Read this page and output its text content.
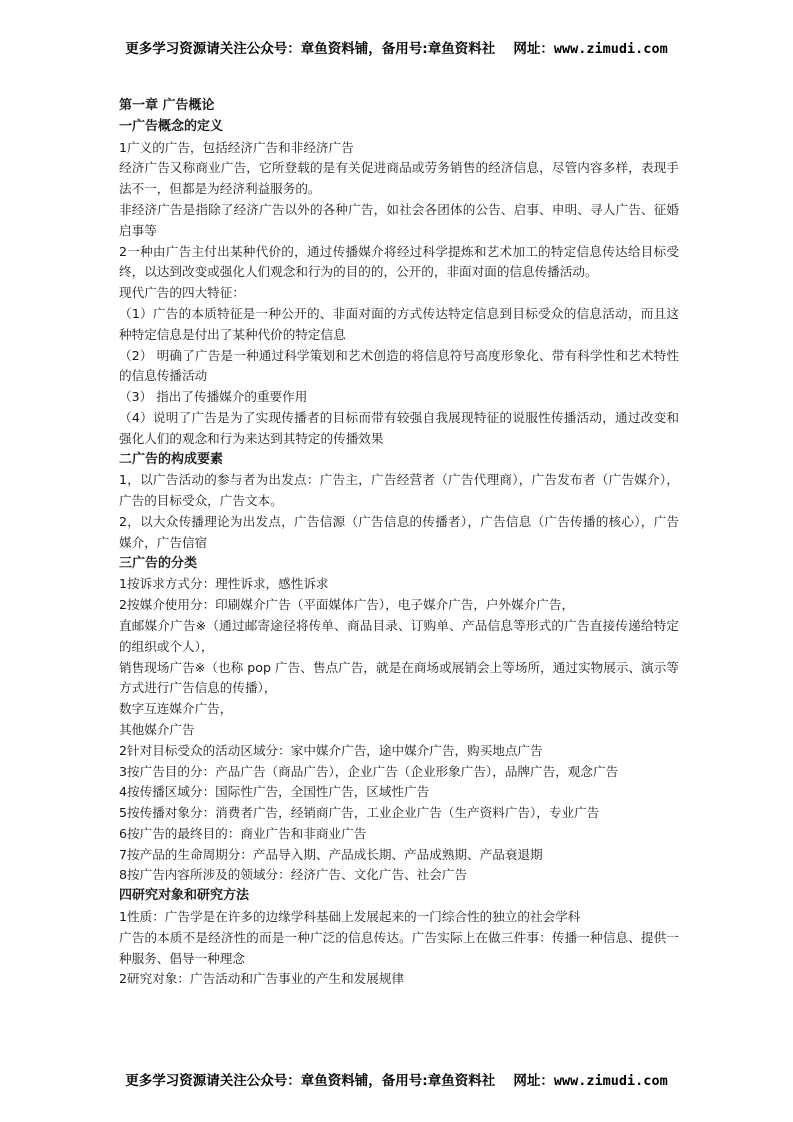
更多学习资源请关注公众号：章鱼资料铺，备用号:章鱼资料社　 网址：www.zimudi.com

第一章 广告概论

一广告概念的定义

1广义的广告，包括经济广告和非经济广告

经济广告又称商业广告，它所登载的是有关促进商品或劳务销售的经济信息，尽管内容多样，表现手法不一，但都是为经济利益服务的。

非经济广告是指除了经济广告以外的各种广告，如社会各团体的公告、启事、申明、寻人广告、征婚启事等

2一种由广告主付出某种代价的，通过传播媒介将经过科学提炼和艺术加工的特定信息传达给目标受终，以达到改变或强化人们观念和行为的目的的，公开的，非面对面的信息传播活动。

现代广告的四大特征：

（1）广告的本质特征是一种公开的、非面对面的方式传达特定信息到目标受众的信息活动，而且这种特定信息是付出了某种代价的特定信息

（2） 明确了广告是一种通过科学策划和艺术创造的将信息符号高度形象化、带有科学性和艺术特性的信息传播活动

（3） 指出了传播媒介的重要作用

（4）说明了广告是为了实现传播者的目标而带有较强自我展现特征的说服性传播活动，通过改变和强化人们的观念和行为来达到其特定的传播效果

二广告的构成要素

1，以广告活动的参与者为出发点：广告主，广告经营者（广告代理商），广告发布者（广告媒介），广告的目标受众，广告文本。

2，以大众传播理论为出发点，广告信源（广告信息的传播者），广告信息（广告传播的核心），广告媒介，广告信宿

三广告的分类

1按诉求方式分：理性诉求，感性诉求

2按媒介使用分：印刷媒介广告（平面媒体广告），电子媒介广告，户外媒介广告，

直邮媒介广告※（通过邮寄途径将传单、商品目录、订购单、产品信息等形式的广告直接传递给特定的组织或个人），

销售现场广告※（也称 pop 广告、售点广告，就是在商场或展销会上等场所，通过实物展示、演示等方式进行广告信息的传播），

数字互连媒介广告，

其他媒介广告

2针对目标受众的活动区域分：家中媒介广告，途中媒介广告，购买地点广告

3按广告目的分：产品广告（商品广告），企业广告（企业形象广告），品牌广告，观念广告

4按传播区域分：国际性广告，全国性广告，区域性广告

5按传播对象分：消费者广告，经销商广告，工业企业广告（生产资料广告），专业广告

6按广告的最终目的：商业广告和非商业广告

7按产品的生命周期分：产品导入期、产品成长期、产品成熟期、产品衰退期

8按广告内容所涉及的领域分：经济广告、文化广告、社会广告

四研究对象和研究方法

1性质：广告学是在许多的边缘学科基础上发展起来的一门综合性的独立的社会学科

广告的本质不是经济性的而是一种广泛的信息传达。广告实际上在做三件事：传播一种信息、提供一种服务、倡导一种理念

2研究对象：广告活动和广告事业的产生和发展规律

更多学习资源请关注公众号：章鱼资料铺，备用号:章鱼资料社　 网址：www.zimudi.com
